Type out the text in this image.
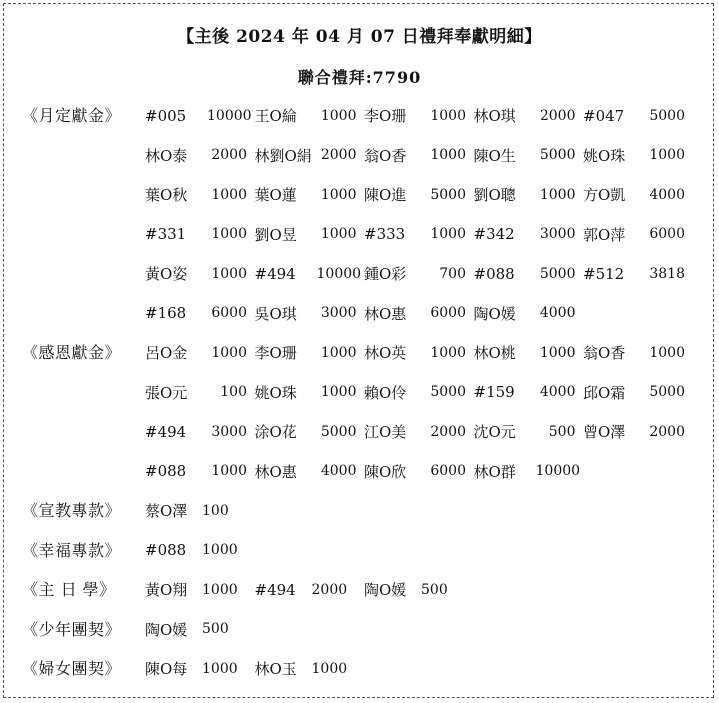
【主後 2024 年 04 月 07 日禮拜奉獻明細】
聯合禮拜:7790
《月定獻金》	#005	10000 王O綸	1000 李O珊	1000 林O琪	2000 #047	5000
林O泰	2000 林劉O絹 2000 翁O香	1000 陳O生	5000 姚O珠	1000
葉O秋	1000 葉O蓮	1000 陳O進	5000 劉O聰	1000 方O凱	4000
#331	1000 劉O昱	1000 #333	1000 #342	3000 郭O萍	6000
黃O姿	1000 #494	10000 鍾O彩	700 #088	5000 #512	3818
#168	6000 吳O琪	3000 林O惠	6000 陶O媛	4000
《感恩獻金》	呂O金	1000 李O珊	1000 林O英	1000 林O桃	1000 翁O香	1000
張O元	100 姚O珠	1000 賴O伶	5000 #159	4000 邱O霜	5000
#494	3000 涂O花	5000 江O美	2000 沈O元	500 曾O澤	2000
#088	1000 林O惠	4000 陳O欣	6000 林O群	10000
《宣教專款》	蔡O澤	100
《幸福專款》	#088	1000
《主 日 學》	黃O翔	1000	#494	2000	陶O媛	500
《少年團契》	陶O媛	500
《婦女團契》	陳O每	1000	林O玉	1000
